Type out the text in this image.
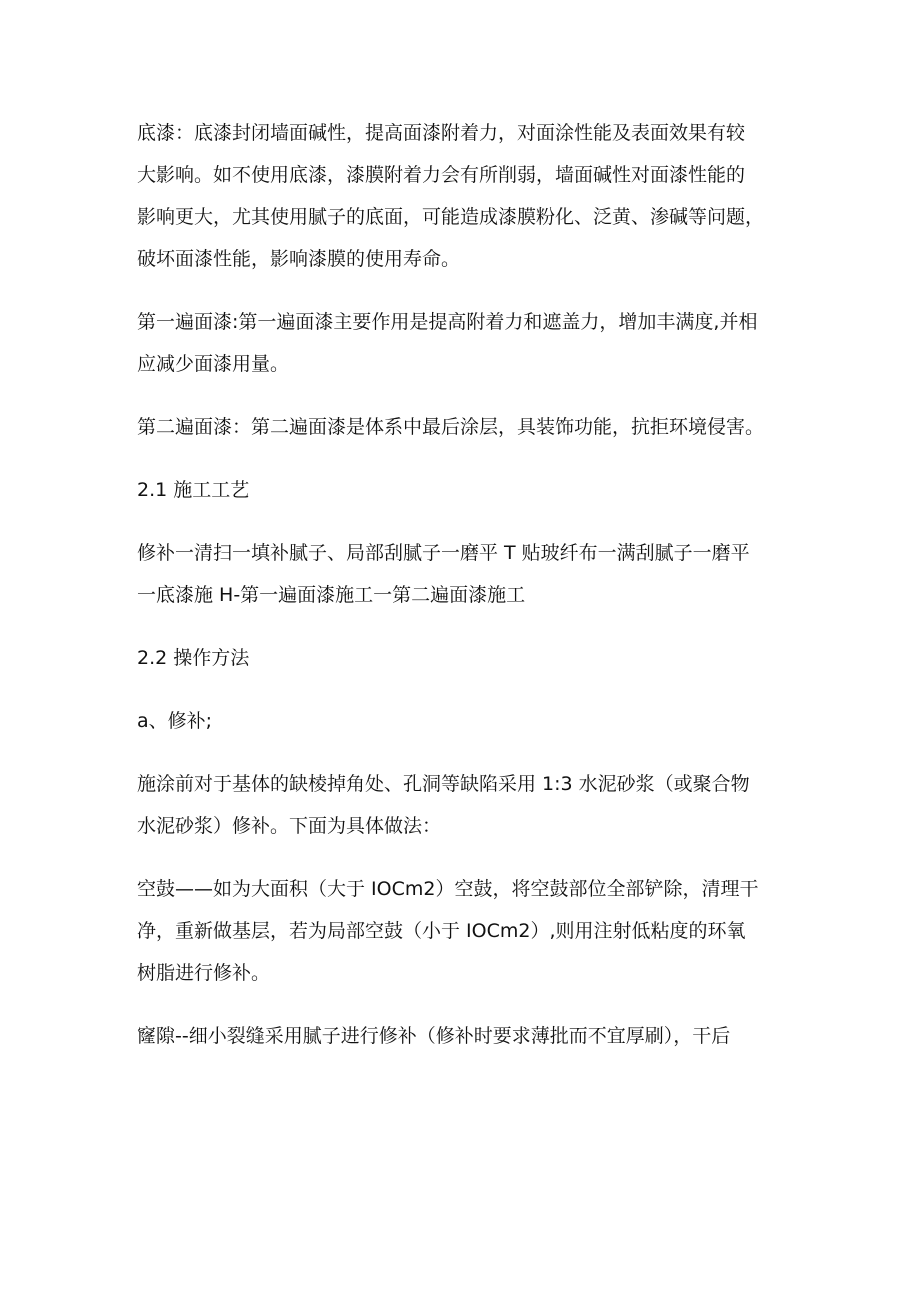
底漆：底漆封闭墙面碱性，提高面漆附着力，对面涂性能及表面效果有较
大影响。如不使用底漆，漆膜附着力会有所削弱，墙面碱性对面漆性能的
影响更大，尤其使用腻子的底面，可能造成漆膜粉化、泛黄、渗碱等问题，
破坏面漆性能，影响漆膜的使用寿命。

第一遍面漆:第一遍面漆主要作用是提高附着力和遮盖力，增加丰满度,并相
应减少面漆用量。

第二遍面漆：第二遍面漆是体系中最后涂层，具装饰功能，抗拒环境侵害。

2.1 施工工艺

修补一清扫一填补腻子、局部刮腻子一磨平 T 贴玻纤布一满刮腻子一磨平
一底漆施 H-第一遍面漆施工一第二遍面漆施工

2.2 操作方法

a、修补;

施涂前对于基体的缺棱掉角处、孔洞等缺陷采用 1:3 水泥砂浆（或聚合物
水泥砂浆）修补。下面为具体做法：

空鼓——如为大面积（大于 IOCm2）空鼓，将空鼓部位全部铲除，清理干
净，重新做基层，若为局部空鼓（小于 IOCm2）,则用注射低粘度的环氧
树脂进行修补。

窿隙--细小裂缝采用腻子进行修补（修补时要求薄批而不宜厚刷），干后
